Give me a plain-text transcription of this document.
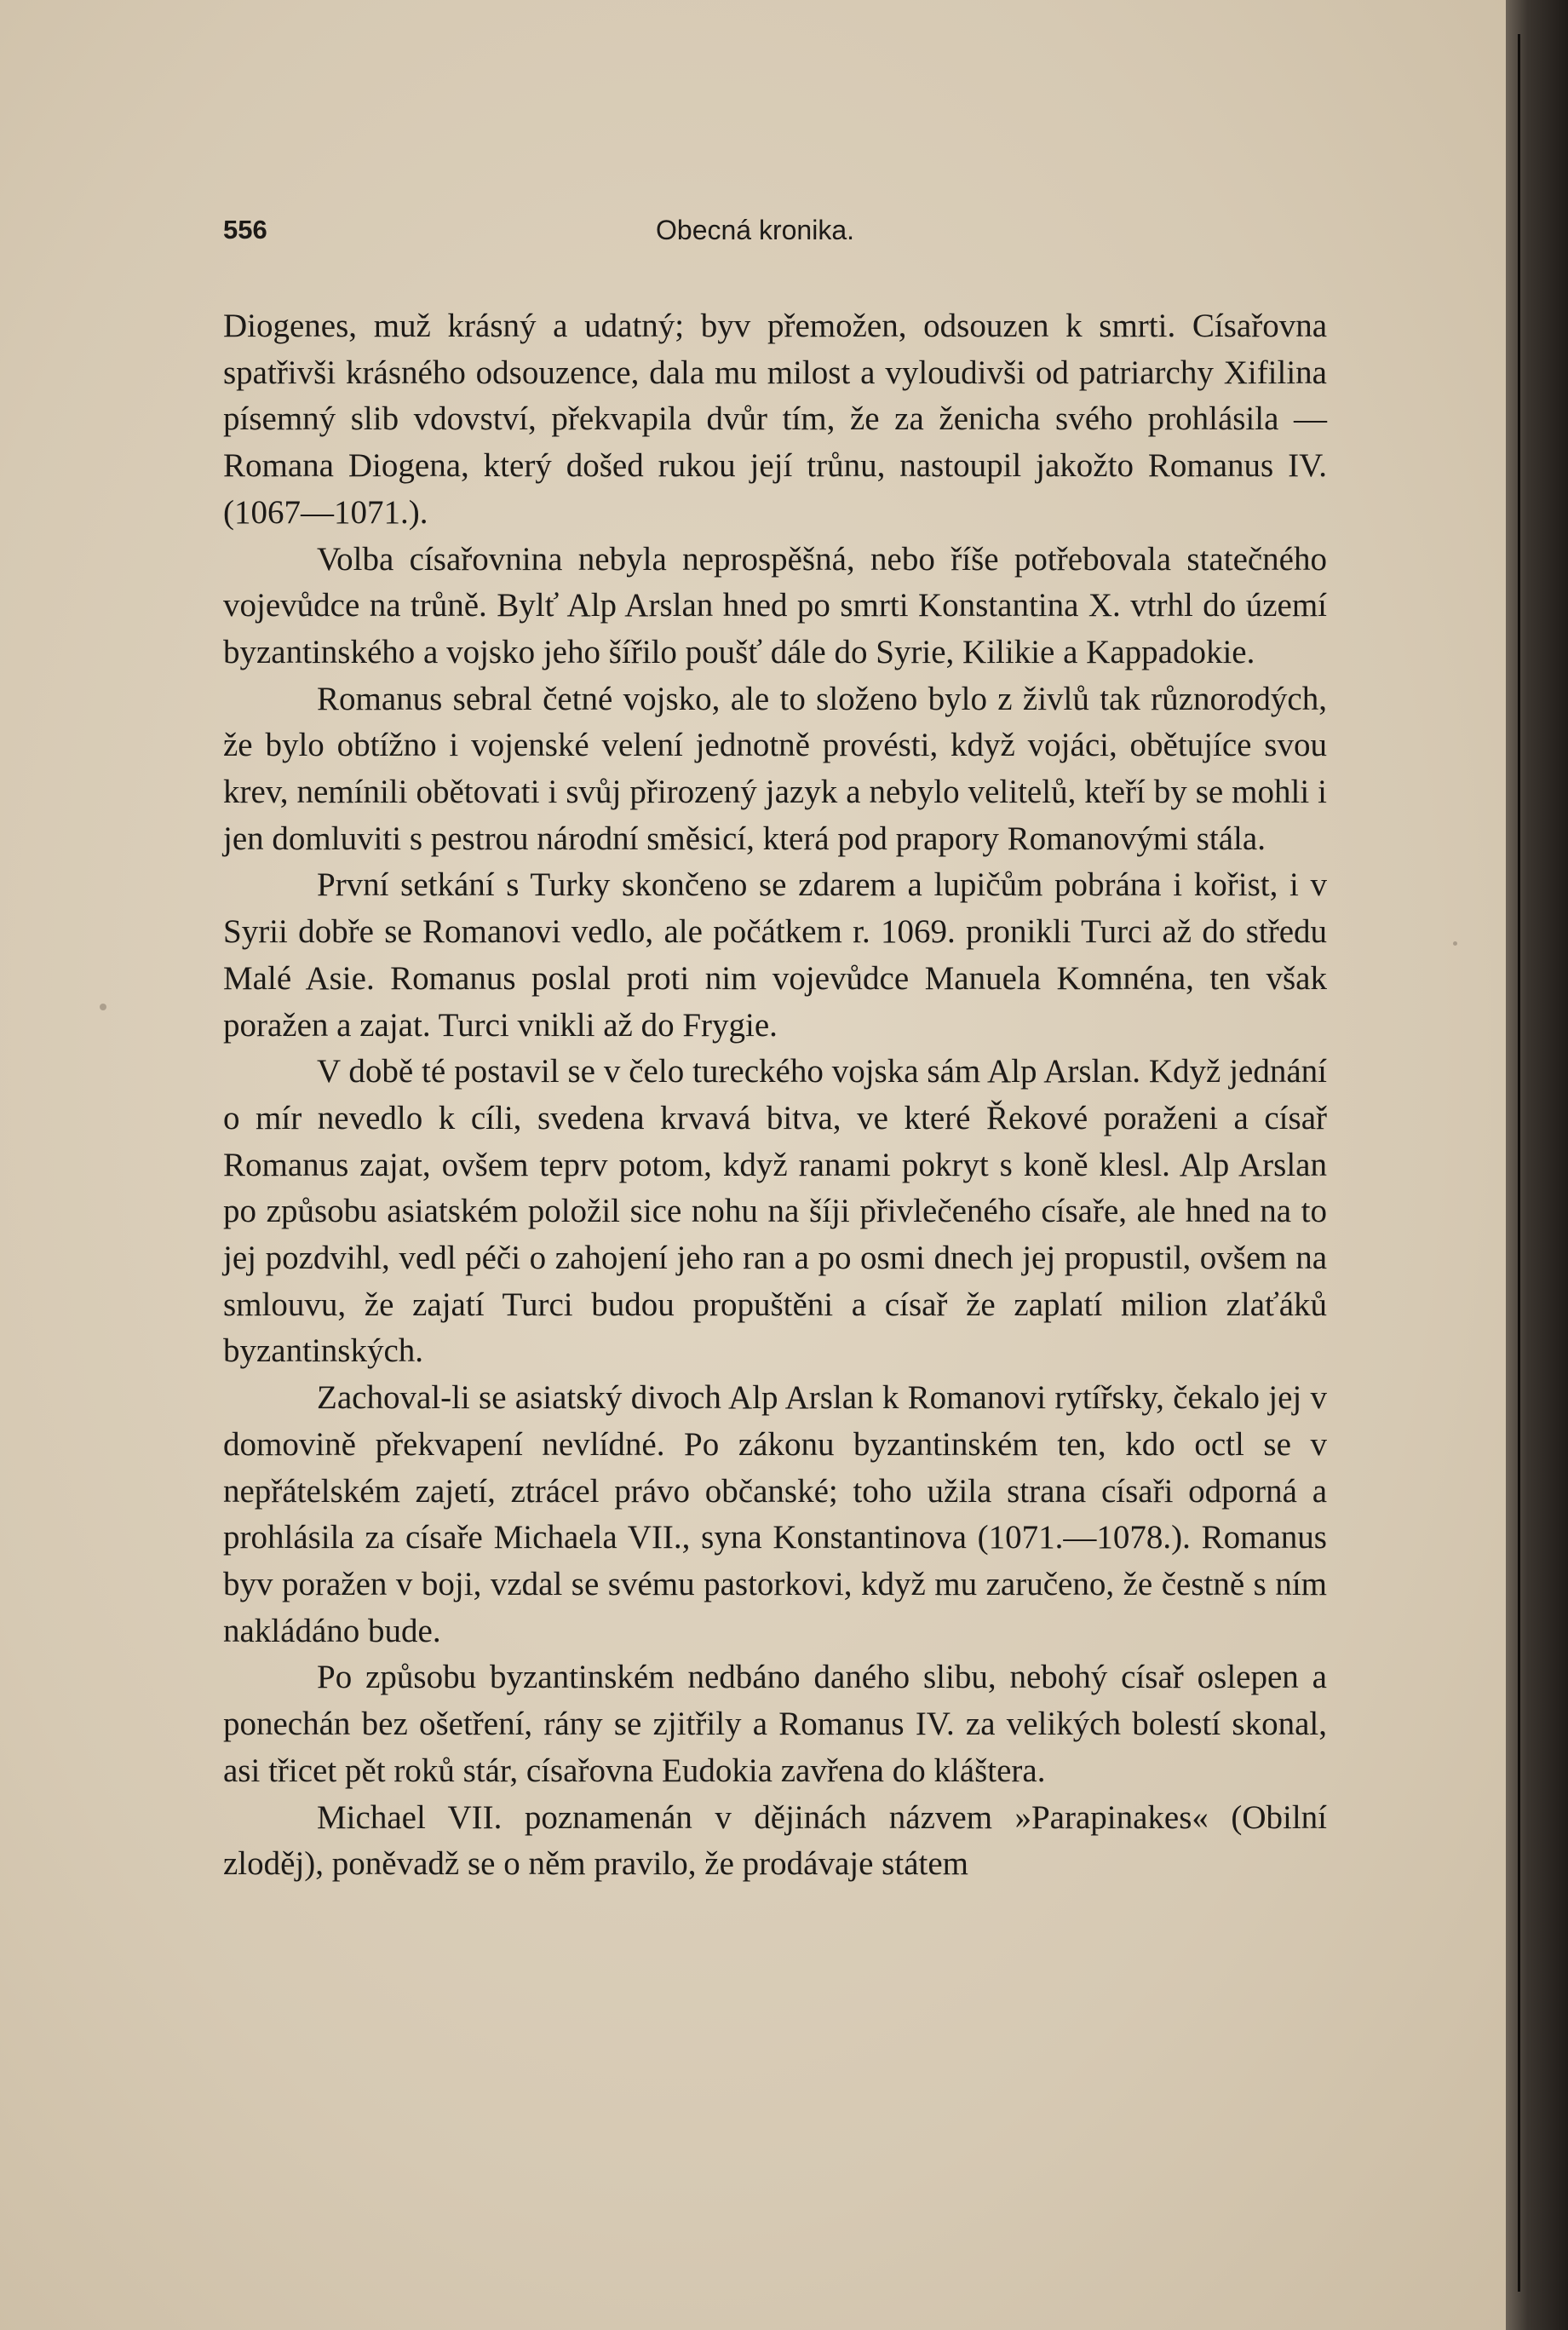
556	Obecná kronika.

Diogenes, muž krásný a udatný; byv přemožen, odsouzen k smrti. Císařovna spatřivši krásného odsouzence, dala mu milost a vyloudivši od patriarchy Xifilina písemný slib vdovství, překvapila dvůr tím, že za ženicha svého prohlásila — Romana Diogena, který došed rukou její trůnu, nastoupil jakožto Romanus IV. (1067—1071.).

Volba císařovnina nebyla neprospěšná, nebo říše potřebovala statečného vojevůdce na trůně. Bylť Alp Arslan hned po smrti Konstantina X. vtrhl do území byzantinského a vojsko jeho šířilo poušť dále do Syrie, Kilikie a Kappadokie.

Romanus sebral četné vojsko, ale to složeno bylo z živlů tak různorodých, že bylo obtížno i vojenské velení jednotně provésti, když vojáci, obětujíce svou krev, nemínili obětovati i svůj přirozený jazyk a nebylo velitelů, kteří by se mohli i jen domluviti s pestrou národní směsicí, která pod prapory Romanovými stála.

První setkání s Turky skončeno se zdarem a lupičům pobrána i kořist, i v Syrii dobře se Romanovi vedlo, ale počátkem r. 1069. pronikli Turci až do středu Malé Asie. Romanus poslal proti nim vojevůdce Manuela Komnéna, ten však poražen a zajat. Turci vnikli až do Frygie.

V době té postavil se v čelo tureckého vojska sám Alp Arslan. Když jednání o mír nevedlo k cíli, svedena krvavá bitva, ve které Řekové poraženi a císař Romanus zajat, ovšem teprv potom, když ranami pokryt s koně klesl. Alp Arslan po způsobu asiatském položil sice nohu na šíji přivlečeného císaře, ale hned na to jej pozdvihl, vedl péči o zahojení jeho ran a po osmi dnech jej propustil, ovšem na smlouvu, že zajatí Turci budou propuštěni a císař že zaplatí milion zlaťáků byzantinských.

Zachoval-li se asiatský divoch Alp Arslan k Romanovi rytířsky, čekalo jej v domovině překvapení nevlídné. Po zákonu byzantinském ten, kdo octl se v nepřátelském zajetí, ztrácel právo občanské; toho užila strana císaři odporná a prohlásila za císaře Michaela VII., syna Konstantinova (1071.—1078.). Romanus byv poražen v boji, vzdal se svému pastorkovi, když mu zaručeno, že čestně s ním nakládáno bude.

Po způsobu byzantinském nedbáno daného slibu, nebohý císař oslepen a ponechán bez ošetření, rány se zjitřily a Romanus IV. za velikých bolestí skonal, asi třicet pět roků stár, císařovna Eudokia zavřena do kláštera.

Michael VII. poznamenán v dějinách názvem »Parapinakes« (Obilní zloděj), poněvadž se o něm pravilo, že prodávaje státem
